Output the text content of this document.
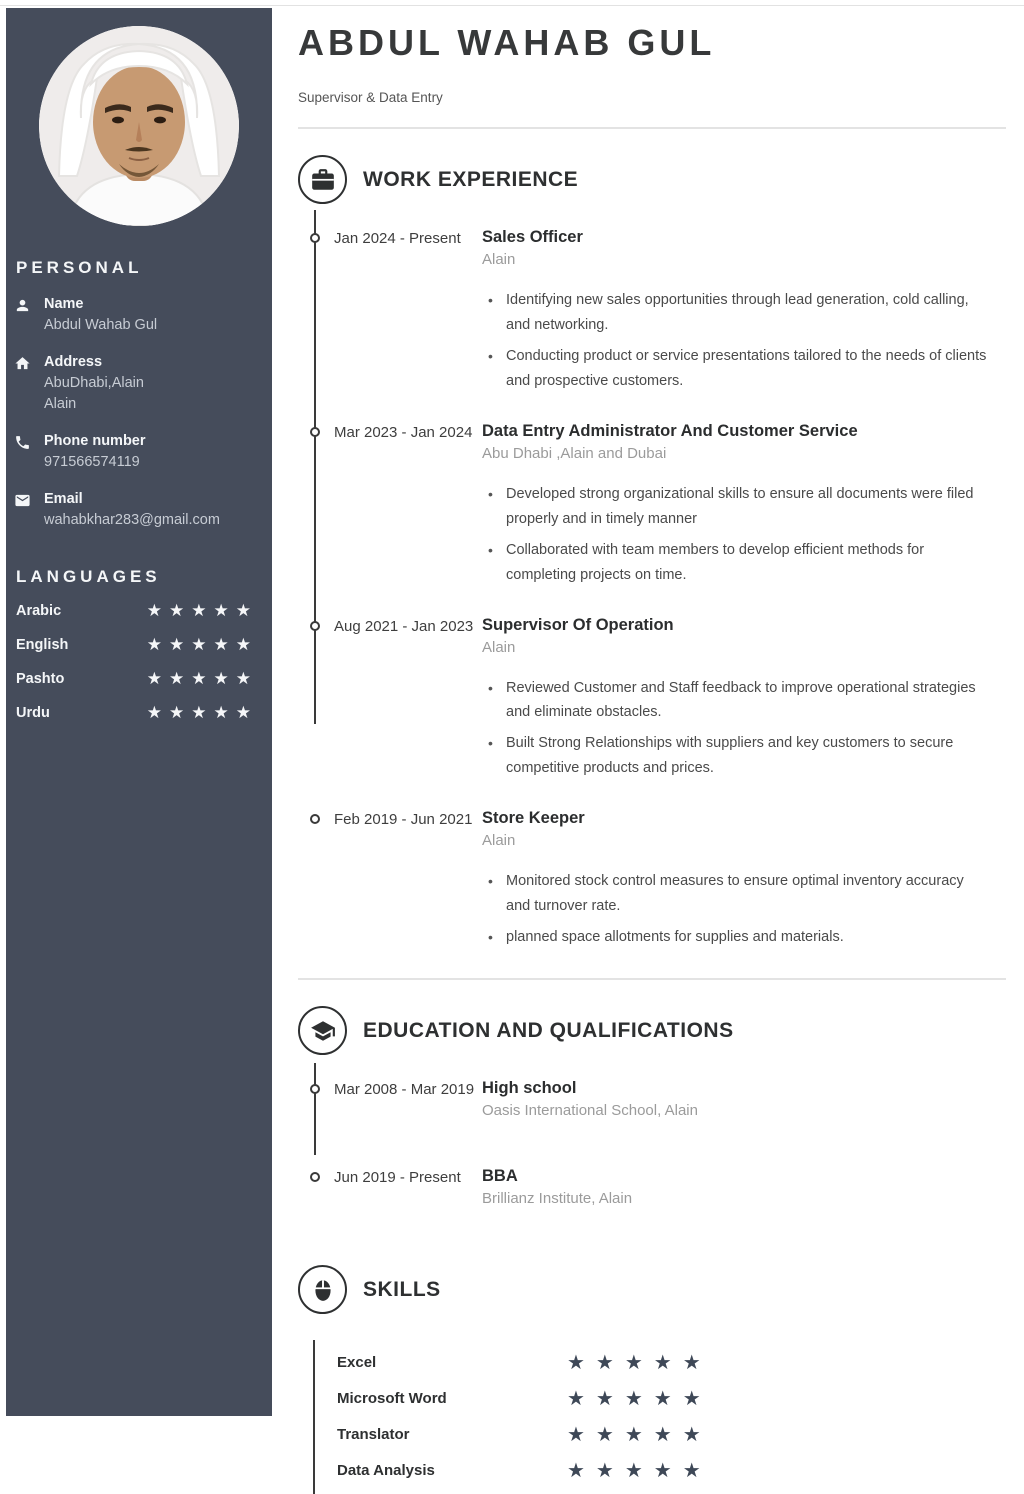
PERSONAL
Name
Abdul Wahab Gul
Address
AbuDhabi,Alain
Alain
Phone number
971566574119
Email
wahabkhar283@gmail.com
LANGUAGES
Arabic	★★★★★
English	★★★★★
Pashto	★★★★★
Urdu	★★★★★
ABDUL WAHAB GUL
Supervisor & Data Entry
WORK EXPERIENCE
Jan 2024 - Present	Sales Officer
Alain
• Identifying new sales opportunities through lead generation, cold calling, and networking.
• Conducting product or service presentations tailored to the needs of clients and prospective customers.
Mar 2023 - Jan 2024 Data Entry Administrator And Customer Service
Abu Dhabi ,Alain and Dubai
• Developed strong organizational skills to ensure all documents were filed properly and in timely manner
• Collaborated with team members to develop efficient methods for completing projects on time.
Aug 2021 - Jan 2023 Supervisor Of Operation
Alain
• Reviewed Customer and Staff feedback to improve operational strategies and eliminate obstacles.
• Built Strong Relationships with suppliers and key customers to secure competitive products and prices.
Feb 2019 - Jun 2021 Store Keeper
Alain
• Monitored stock control measures to ensure optimal inventory accuracy and turnover rate.
• planned space allotments for supplies and materials.
EDUCATION AND QUALIFICATIONS
Mar 2008 - Mar 2019 High school
Oasis International School, Alain
Jun 2019 - Present	BBA
Brillianz Institute, Alain
SKILLS
Excel	★★★★★
Microsoft Word	★★★★★
Translator	★★★★★
Data Analysis	★★★★★
